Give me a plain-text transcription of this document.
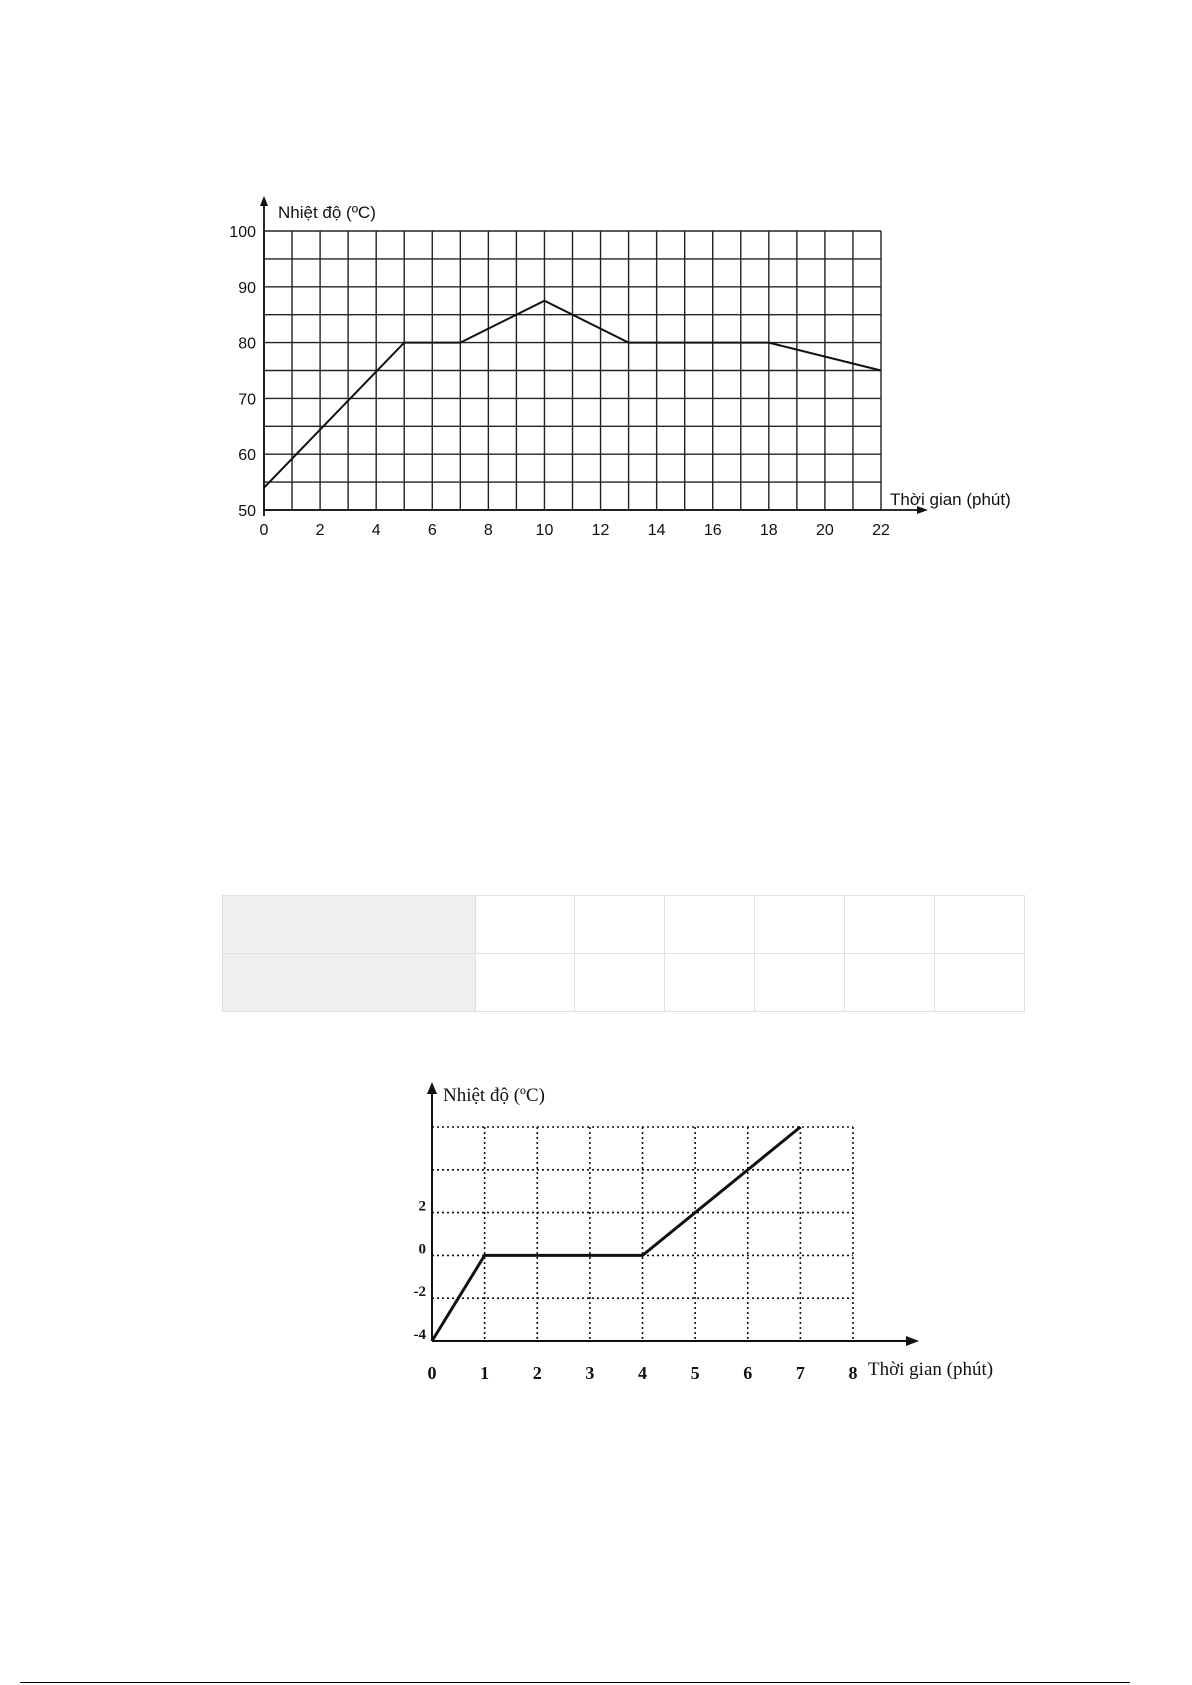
0	2	4	6	8	10 12 14 16 18 20 22
50
60
70
80
90
100
Nhiệt độ (ºC)
Thời gian (phút)

0 1 2 3 4 5 6 7 8
-4
-2
0
2
Nhiệt độ (ºC)
Thời gian (phút)
